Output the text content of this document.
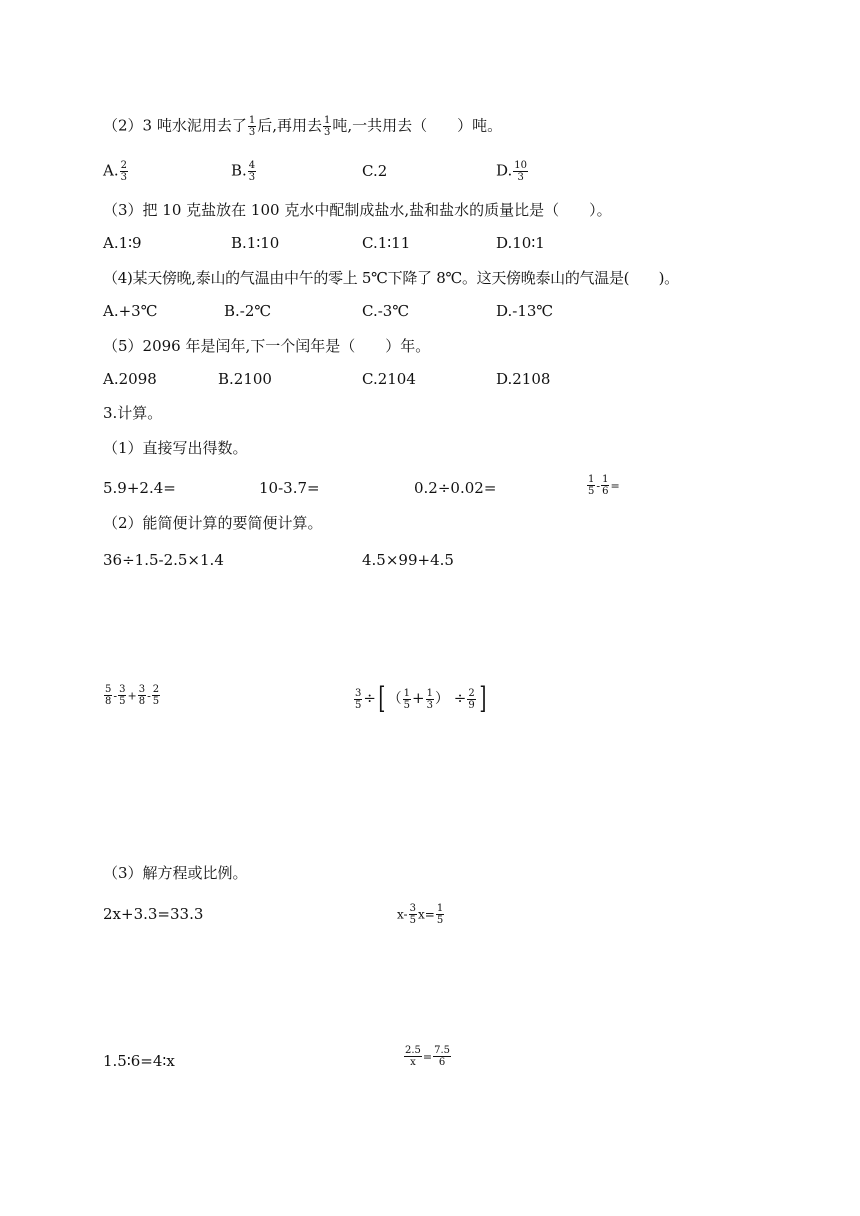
（2）3 吨水泥用去了 $\frac{1}{3}$ 后,再用去 $\frac{1}{3}$ 吨,一共用去（　　）吨。
A. $\frac{2}{3}$	B. $\frac{4}{3}$	C.2	D. $\frac{10}{3}$
（3）把 10 克盐放在 100 克水中配制成盐水,盐和盐水的质量比是（　　）。
A.1∶9	B.1∶10	C.1∶11	D.10∶1
（4)某天傍晚,泰山的气温由中午的零上 5℃下降了 8℃。这天傍晚泰山的气温是(　　)。
A.+3℃	B.-2℃	C.-3℃	D.-13℃
（5）2096 年是闰年,下一个闰年是（　　）年。
A.2098	B.2100	C.2104	D.2108
3.计算。
（1）直接写出得数。
5.9+2.4=	10-3.7=	0.2÷0.02=	$\frac{1}{5} - \frac{1}{6}$ =
（2）能简便计算的要简便计算。
36÷1.5-2.5×1.4	4.5×99+4.5
$\frac{5}{8} - \frac{3}{5} + \frac{3}{8} - \frac{2}{5}$	$\frac{3}{5}$ ÷[ （ $\frac{1}{5} + \frac{1}{3}$ ） ÷ $\frac{2}{9}$ ]
（3）解方程或比例。
2x+3.3=33.3	$x- \frac{3}{5} x= \frac{1}{5}$
1.5∶6=4∶x	$\frac{2.5}{x} = \frac{7.5}{6}$
